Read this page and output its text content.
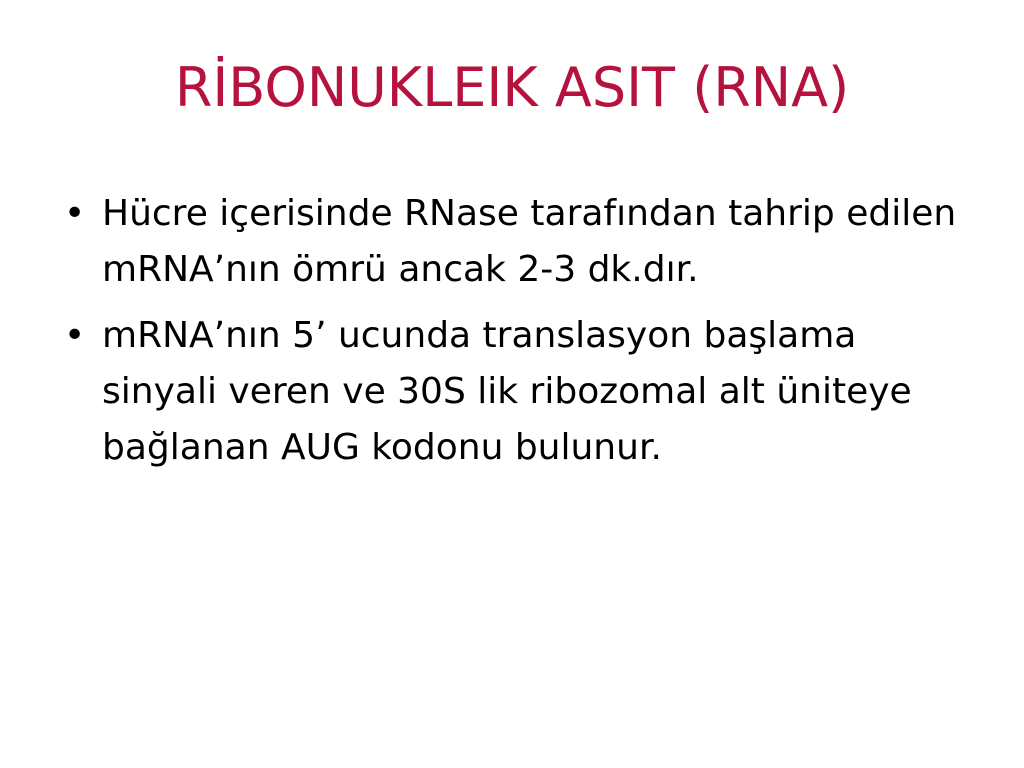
RİBONUKLEIK ASIT (RNA)
• Hücre içerisinde RNase tarafından tahrip edilen mRNA’nın ömrü ancak 2-3 dk.dır.
• mRNA’nın 5’ ucunda translasyon başlama sinyali veren ve 30S lik ribozomal alt üniteye bağlanan AUG kodonu bulunur.
